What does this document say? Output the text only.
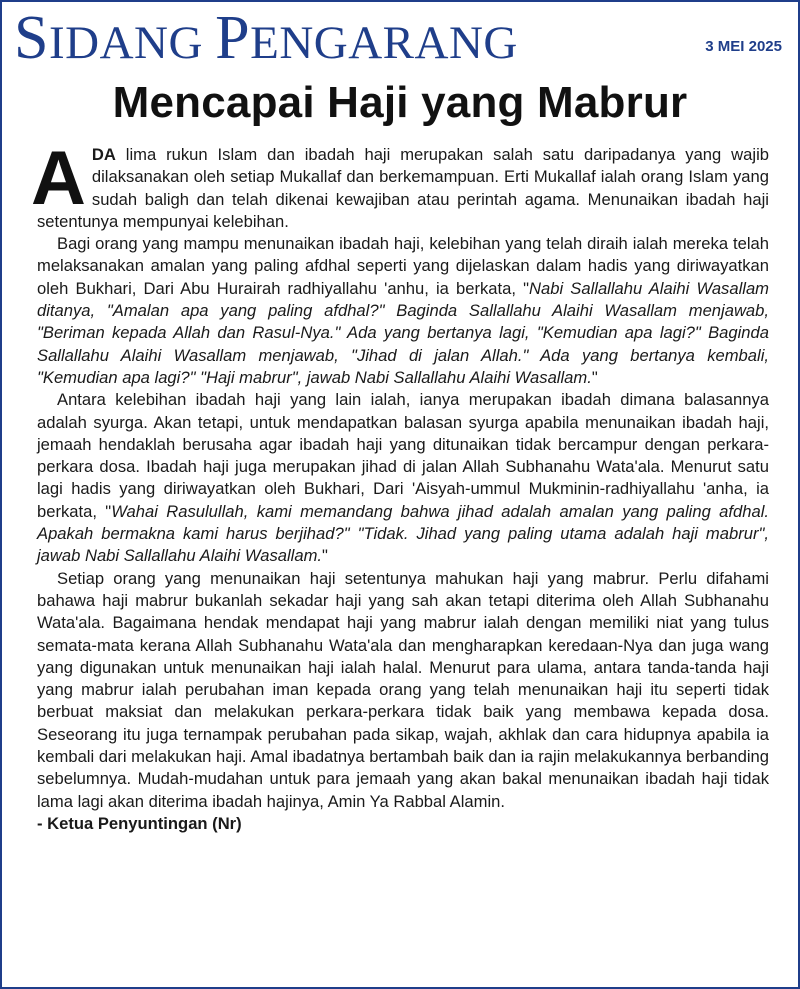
SIDANG PENGARANG	3 MEI 2025
Mencapai Haji yang Mabrur

ADA lima rukun Islam dan ibadah haji merupakan salah satu daripadanya yang wajib dilaksanakan oleh setiap Mukallaf dan berkemampuan. Erti Mukallaf ialah orang Islam yang sudah baligh dan telah dikenai kewajiban atau perintah agama. Menunaikan ibadah haji setentunya mempunyai kelebihan.

Bagi orang yang mampu menunaikan ibadah haji, kelebihan yang telah diraih ialah mereka telah melaksanakan amalan yang paling afdhal seperti yang dijelaskan dalam hadis yang diriwayatkan oleh Bukhari, Dari Abu Hurairah radhiyallahu 'anhu, ia berkata, "Nabi Sallallahu Alaihi Wasallam ditanya, "Amalan apa yang paling afdhal?" Baginda Sallallahu Alaihi Wasallam menjawab, "Beriman kepada Allah dan Rasul-Nya." Ada yang bertanya lagi, "Kemudian apa lagi?" Baginda Sallallahu Alaihi Wasallam menjawab, "Jihad di jalan Allah." Ada yang bertanya kembali, "Kemudian apa lagi?" "Haji mabrur", jawab Nabi Sallallahu Alaihi Wasallam."

Antara kelebihan ibadah haji yang lain ialah, ianya merupakan ibadah dimana balasannya adalah syurga. Akan tetapi, untuk mendapatkan balasan syurga apabila menunaikan ibadah haji, jemaah hendaklah berusaha agar ibadah haji yang ditunaikan tidak bercampur dengan perkara-perkara dosa. Ibadah haji juga merupakan jihad di jalan Allah Subhanahu Wata'ala. Menurut satu lagi hadis yang diriwayatkan oleh Bukhari, Dari 'Aisyah-ummul Mukminin-radhiyallahu 'anha, ia berkata, "Wahai Rasulullah, kami memandang bahwa jihad adalah amalan yang paling afdhal. Apakah bermakna kami harus berjihad?" "Tidak. Jihad yang paling utama adalah haji mabrur", jawab Nabi Sallallahu Alaihi Wasallam."

Setiap orang yang menunaikan haji setentunya mahukan haji yang mabrur. Perlu difahami bahawa haji mabrur bukanlah sekadar haji yang sah akan tetapi diterima oleh Allah Subhanahu Wata'ala. Bagaimana hendak mendapat haji yang mabrur ialah dengan memiliki niat yang tulus semata-mata kerana Allah Subhanahu Wata'ala dan mengharapkan keredaan-Nya dan juga wang yang digunakan untuk menunaikan haji ialah halal. Menurut para ulama, antara tanda-tanda haji yang mabrur ialah perubahan iman kepada orang yang telah menunaikan haji itu seperti tidak berbuat maksiat dan melakukan perkara-perkara tidak baik yang membawa kepada dosa. Seseorang itu juga ternampak perubahan pada sikap, wajah, akhlak dan cara hidupnya apabila ia kembali dari melakukan haji. Amal ibadatnya bertambah baik dan ia rajin melakukannya berbanding sebelumnya. Mudah-mudahan untuk para jemaah yang akan bakal menunaikan ibadah haji tidak lama lagi akan diterima ibadah hajinya, Amin Ya Rabbal Alamin.

- Ketua Penyuntingan (Nr)
